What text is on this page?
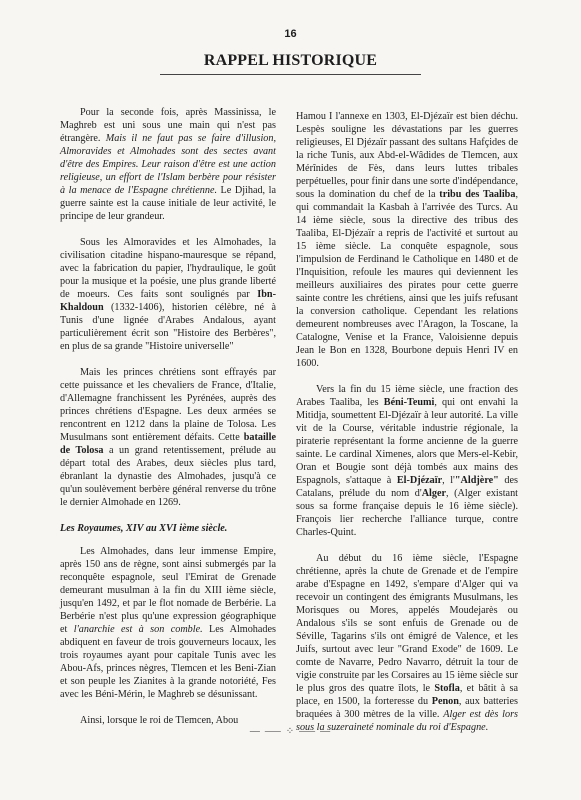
16
RAPPEL HISTORIQUE

Pour la seconde fois, après Massinissa, le Maghreb est uni sous une main qui n'est pas étrangère. Mais il ne faut pas se faire d'illusion, Almoravides et Almohades sont des sectes avant d'être des Empires. Leur raison d'être est une action religieuse, un effort de l'Islam berbère pour résister à la menace de l'Espagne chrétienne. Le Djihad, la guerre sainte est la cause initiale de leur activité, le principe de leur grandeur.

Sous les Almoravides et les Almohades, la civilisation citadine hispano-mauresque se répand, avec la fabrication du papier, l'hydraulique, le goût pour la musique et la poésie, une plus grande liberté de moeurs. Ces faits sont soulignés par Ibn-Khaldoun (1332-1406), historien célèbre, né à Tunis d'une lignée d'Arabes Andalous, ayant particulièrement écrit son "Histoire des Berbères", en plus de sa grande "Histoire universelle"

Mais les princes chrétiens sont effrayés par cette puissance et les chevaliers de France, d'Italie, d'Allemagne franchissent les Pyrénées, auprès des princes chrétiens d'Espagne. Les deux armées se rencontrent en 1212 dans la plaine de Tolosa. Les Musulmans sont entièrement défaits. Cette bataille de Tolosa a un grand retentissement, prélude au départ total des Arabes, deux siècles plus tard, ébranlant la dynastie des Almohades, jusqu'à ce qu'un soulèvement berbère général renverse du trône le dernier Almohade en 1269.

Les Royaumes, XIV au XVI ième siècle.

Les Almohades, dans leur immense Empire, après 150 ans de règne, sont ainsi submergés par la reconquête espagnole, seul l'Emirat de Grenade demeurant musulman à la fin du XIII ième siècle, jusqu'en 1492, et par le flot nomade de Berbérie. La Berbérie n'est plus qu'une expression géographique et l'anarchie est à son comble. Les Almohades abdiquent en faveur de trois gouverneurs locaux, les trois royaumes ayant pour capitale Tunis avec les Abou-Afs, princes nègres, Tlemcen et les Beni-Zian et son peuple les Zianites à la grande notoriété, Fes avec les Béni-Mérin, le Maghreb se désunissant.

Ainsi, lorsque le roi de Tlemcen, Abou

Hamou I l'annexe en 1303, El-Djézaïr est bien déchu. Lespès souligne les dévastations par les guerres religieuses, El Djézaïr passant des sultans Hafçides de la riche Tunis, aux Abd-el-Wâdides de Tlemcen, aux Mérînides de Fès, dans leurs luttes tribales perpétuelles, pour finir dans une sorte d'indépendance, sous la domination du chef de la tribu des Taaliba, qui commandait la Kasbah à l'arrivée des Turcs. Au 14 ième siècle, sous la directive des tribus des Taaliba, El-Djézaïr a repris de l'activité et surtout au 15 ième siècle. La conquête espagnole, sous l'impulsion de Ferdinand le Catholique en 1480 et de l'Inquisition, refoule les maures qui deviennent les meilleurs auxiliaires des pirates pour cette guerre sainte contre les chrétiens, ainsi que les juifs refusant la conversion catholique. Cependant les relations demeurent nombreuses avec l'Aragon, la Toscane, la Catalogne, Venise et la France, Valoisienne depuis Jean le Bon en 1328, Bourbone depuis Henri IV en 1600.

Vers la fin du 15 ième siècle, une fraction des Arabes Taaliba, les Béni-Teumi, qui ont envahi la Mitidja, soumettent El-Djézaïr à leur autorité. La ville vit de la Course, véritable industrie régionale, la piraterie représentant la forme ancienne de la guerre sainte. Le cardinal Ximenes, alors que Mers-el-Kebir, Oran et Bougie sont déjà tombés aux mains des Espagnols, s'attaque à El-Djézaïr, l'"Aldjère" des Catalans, prélude du nom d'Alger, (Alger existant sous sa forme française depuis le 16 ième siècle). François lier recherche l'alliance turque, contre Charles-Quint.

Au début du 16 ième siècle, l'Espagne chrétienne, après la chute de Grenade et de l'empire arabe d'Espagne en 1492, s'empare d'Alger qui va recevoir un contingent des émigrants Musulmans, les Morisques ou Mores, appelés Moudejarès ou Andalous s'ils se sont enfuis de Grenade ou de Séville, Tagarins s'ils ont émigré de Valence, et les Juifs, surtout avec leur "Grand Exode" de 1609. Le comte de Navarre, Pedro Navarro, détruit la tour de vigie construite par les Corsaires au 15 ième siècle sur le plus gros des quatre îlots, le Stofla, et bâtit à sa place, en 1500, la forteresse du Penon, aux batteries braquées à 300 mètres de la ville. Alger est dès lors sous la suzeraineté nominale du roi d'Espagne.

— ⸺ ⁘ ⸺ —
